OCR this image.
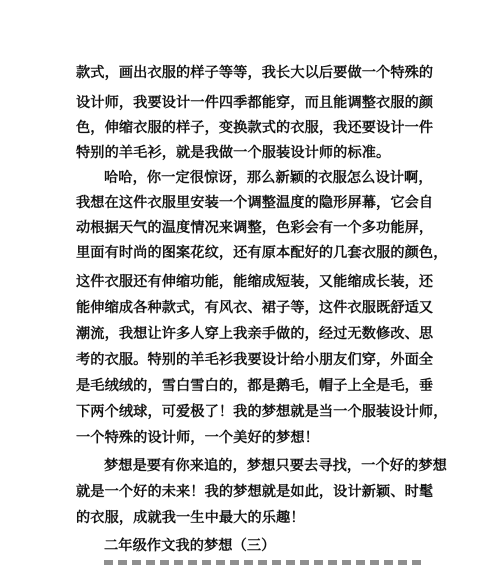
款式，画出衣服的样子等等，我长大以后要做一个特殊的
设计师，我要设计一件四季都能穿，而且能调整衣服的颜
色，伸缩衣服的样子，变换款式的衣服，我还要设计一件
特别的羊毛衫，就是我做一个服装设计师的标准。
哈哈，你一定很惊讶，那么新颖的衣服怎么设计啊，
我想在这件衣服里安装一个调整温度的隐形屏幕，它会自
动根据天气的温度情况来调整，色彩会有一个多功能屏，
里面有时尚的图案花纹，还有原本配好的几套衣服的颜色，
这件衣服还有伸缩功能，能缩成短装，又能缩成长装，还
能伸缩成各种款式，有风衣、裙子等，这件衣服既舒适又
潮流，我想让许多人穿上我亲手做的，经过无数修改、思
考的衣服。特别的羊毛衫我要设计给小朋友们穿，外面全
是毛绒绒的，雪白雪白的，都是鹅毛，帽子上全是毛，垂
下两个绒球，可爱极了！我的梦想就是当一个服装设计师，
一个特殊的设计师，一个美好的梦想！
梦想是要有你来追的，梦想只要去寻找，一个好的梦想
就是一个好的未来！我的梦想就是如此，设计新颖、时髦
的衣服，成就我一生中最大的乐趣！
二年级作文我的梦想（三）
